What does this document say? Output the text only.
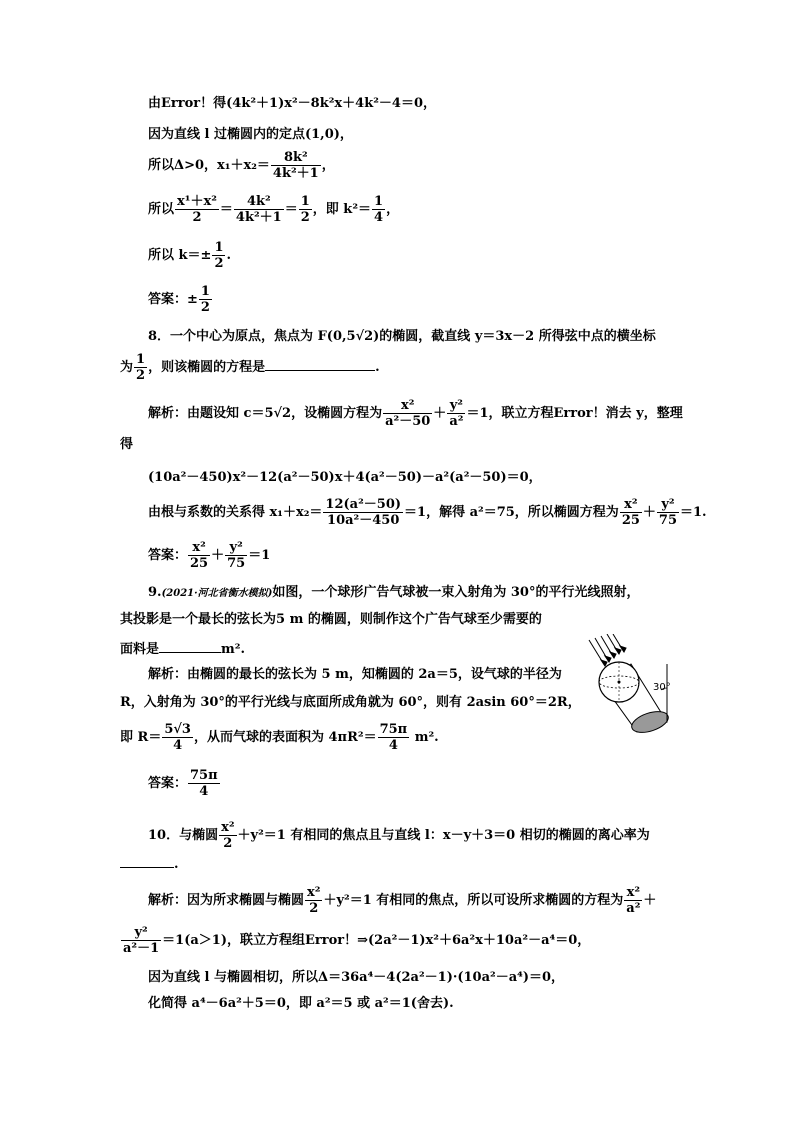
由Error！得(4k²＋1)x²－8k²x＋4k²－4＝0，
因为直线 l 过椭圆内的定点(1,0)，
所以Δ>0，$x_1+x_2= \frac{\text{8k²}}{\text{4k²＋1}}$ ，
所以 $\frac{\text{x¹＋x²}}{2} = \frac{\text{4k²}}{\text{4k²＋1}} = \frac{1}{2}$ ，即 $k^2= \frac{1}{4}$ ，
所以 $k=\pm \frac{1}{2}$ .
答案：± $\frac{1}{2}$
8．一个中心为原点，焦点为 F(0,5√2)的椭圆，截直线 y＝3x－2 所得弦中点的横坐标
为 $\frac{1}{2}$ ，则该椭圆的方程是	.
解析：由题设知 c＝5√2，设椭圆方程为 $\frac{\text{x²}}{\text{a²－50}} + \frac{\text{y²}}{\text{a²}} =1$，联立方程Error！消去 y，整理
得
(10a²－450)x²－12(a²－50)x＋4(a²－50)－a²(a²－50)＝0，
由根与系数的关系得 $x_1+x_2= \frac{\text{12(a²－50)}}{\text{10a²－450}} =1$，解得 a²＝75，所以椭圆方程为 $\frac{\text{x²}}{25} + \frac{\text{y²}}{75} =1$.
答案： $\frac{\text{x²}}{25} + \frac{\text{y²}}{75} =1$
9.(2021·河北省衡水模拟)如图，一个球形广告气球被一束入射角为 30°的平行光线照射，
其投影是一个最长的弦长为5 m 的椭圆，则制作这个广告气球至少需要的
面料是	m².
解析：由椭圆的最长的弦长为 5 m，知椭圆的 2a＝5，设气球的半径为
R，入射角为 30°的平行光线与底面所成角就为 60°，则有 2asin 60°＝2R，
即 $R= \frac{5√3}{4}$ ，从而气球的表面积为 $4\pi R^2= \frac{75\pi}{4} m^2$.
答案： $\frac{75\pi}{4}$
30°
10．与椭圆 $\frac{\text{x²}}{2} +y^2=1$ 有相同的焦点且与直线 l：x－y＋3＝0 相切的椭圆的离心率为
.
解析：因为所求椭圆与椭圆 $\frac{\text{x²}}{2} +y^2=1$ 有相同的焦点，所以可设所求椭圆的方程为 $\frac{\text{x²}}{\text{a²}}$ ＋
$\frac{\text{y²}}{\text{a²－1}} =1(a>1)$，联立方程组Error！⇒(2a²－1)x²＋6a²x＋10a²－a⁴＝0，
因为直线 l 与椭圆相切，所以Δ＝36a⁴－4(2a²－1)·(10a²－a⁴)＝0，
化简得 a⁴－6a²＋5＝0，即 a²＝5 或 a²＝1(舍去).
